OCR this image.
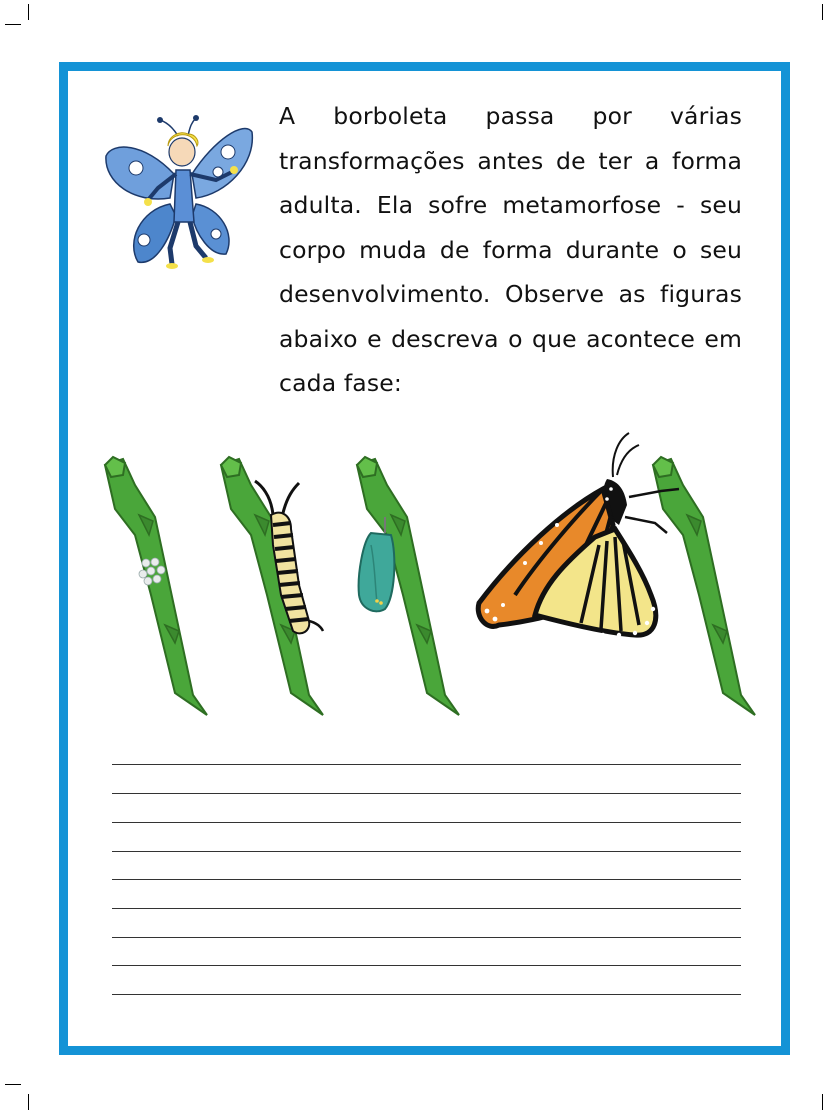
A borboleta passa por várias transformações antes de ter a forma adulta. Ela sofre metamorfose - seu corpo muda de forma durante o seu desenvolvimento. Observe as figuras abaixo e descreva o que acontece em cada fase:
